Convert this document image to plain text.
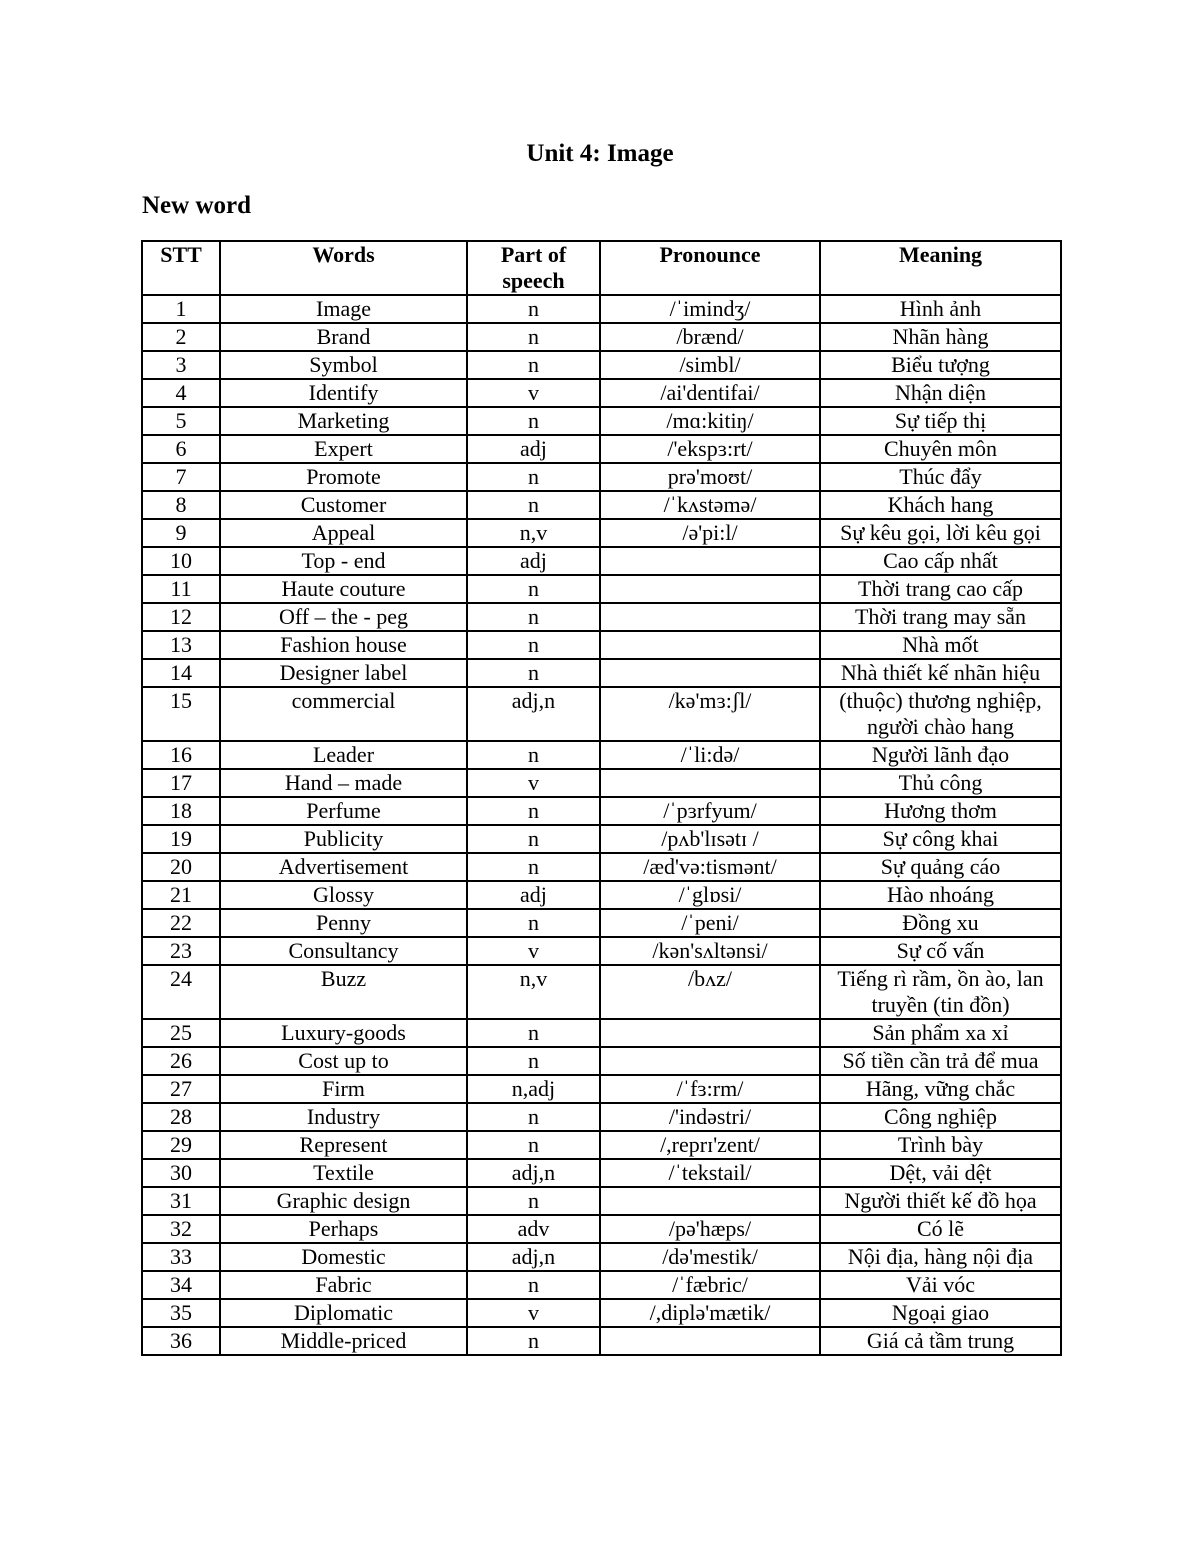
Unit 4: Image
New word
STT	Words	Part of speech	Pronounce	Meaning
1	Image	n	/ˈimindʒ/	Hình ảnh
2	Brand	n	/brænd/	Nhãn hàng
3	Symbol	n	/simbl/	Biểu tượng
4	Identify	v	/ai'dentifai/	Nhận diện
5	Marketing	n	/mɑ:kitiŋ/	Sự tiếp thị
6	Expert	adj	/'ekspɜ:rt/	Chuyên môn
7	Promote	n	prə'moʊt/	Thúc đẩy
8	Customer	n	/ˈkʌstəmə/	Khách hang
9	Appeal	n,v	/ə'pi:l/	Sự kêu gọi, lời kêu gọi
10	Top - end	adj		Cao cấp nhất
11	Haute couture	n		Thời trang cao cấp
12	Off – the - peg	n		Thời trang may sẵn
13	Fashion house	n		Nhà mốt
14	Designer label	n		Nhà thiết kế nhãn hiệu
15	commercial	adj,n	/kə'mɜ:ʃl/	(thuộc) thương nghiệp, người chào hang
16	Leader	n	/ˈli:də/	Người lãnh đạo
17	Hand – made	v		Thủ công
18	Perfume	n	/ˈpɜrfyum/	Hương thơm
19	Publicity	n	/pʌb'lɪsətɪ /	Sự công khai
20	Advertisement	n	/æd'və:tismənt/	Sự quảng cáo
21	Glossy	adj	/ˈglɒsi/	Hào nhoáng
22	Penny	n	/ˈpeni/	Đồng xu
23	Consultancy	v	/kən'sʌltənsi/	Sự cố vấn
24	Buzz	n,v	/bʌz/	Tiếng rì rầm, ồn ào, lan truyền (tin đồn)
25	Luxury-goods	n		Sản phẩm xa xỉ
26	Cost up to	n		Số tiền cần trả để mua
27	Firm	n,adj	/ˈfɜ:rm/	Hãng, vững chắc
28	Industry	n	/'indəstri/	Công nghiệp
29	Represent	n	/,reprɪ'zent/	Trình bày
30	Textile	adj,n	/ˈtekstail/	Dệt, vải dệt
31	Graphic design	n		Người thiết kế đồ họa
32	Perhaps	adv	/pə'hæps/	Có lẽ
33	Domestic	adj,n	/də'mestik/	Nội địa, hàng nội địa
34	Fabric	n	/ˈfæbric/	Vải vóc
35	Diplomatic	v	/,diplə'mætik/	Ngoại giao
36	Middle-priced	n		Giá cả tầm trung
